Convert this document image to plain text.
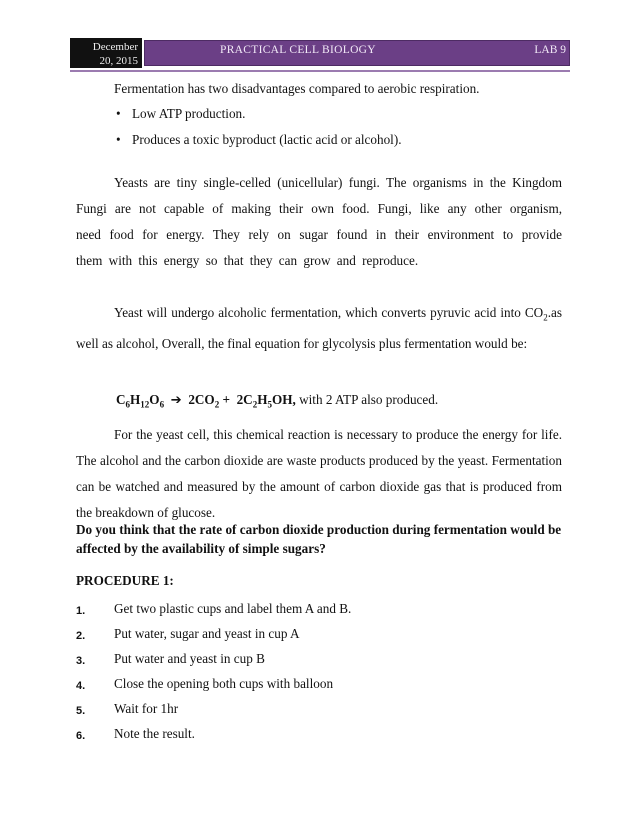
December
20, 2015
PRACTICAL CELL BIOLOGY	LAB 9
Fermentation has two disadvantages compared to aerobic respiration.
• Low ATP production.
• Produces a toxic byproduct (lactic acid or alcohol).
Yeasts are tiny single-celled (unicellular) fungi. The organisms in the Kingdom Fungi are not capable of making their own food. Fungi, like any other organism, need food for energy. They rely on sugar found in their environment to provide them with this energy so that they can grow and reproduce.
Yeast will undergo alcoholic fermentation, which converts pyruvic acid into $CO_2.as$ well as alcohol, Overall, the final equation for glycolysis plus fermentation would be:
$C_6H_{12}O_6$ ➔  $2CO_2 + 2C_2H_5OH$, with 2 ATP also produced.
For the yeast cell, this chemical reaction is necessary to produce the energy for life. The alcohol and the carbon dioxide are waste products produced by the yeast. Fermentation can be watched and measured by the amount of carbon dioxide gas that is produced from the breakdown of glucose.
Do you think that the rate of carbon dioxide production during fermentation would be affected by the availability of simple sugars?
PROCEDURE 1:
1. Get two plastic cups and label them A and B.
2. Put water, sugar and yeast in cup A
3. Put water and yeast in cup B
4. Close the opening both cups with balloon
5. Wait for 1hr
6. Note the result.
